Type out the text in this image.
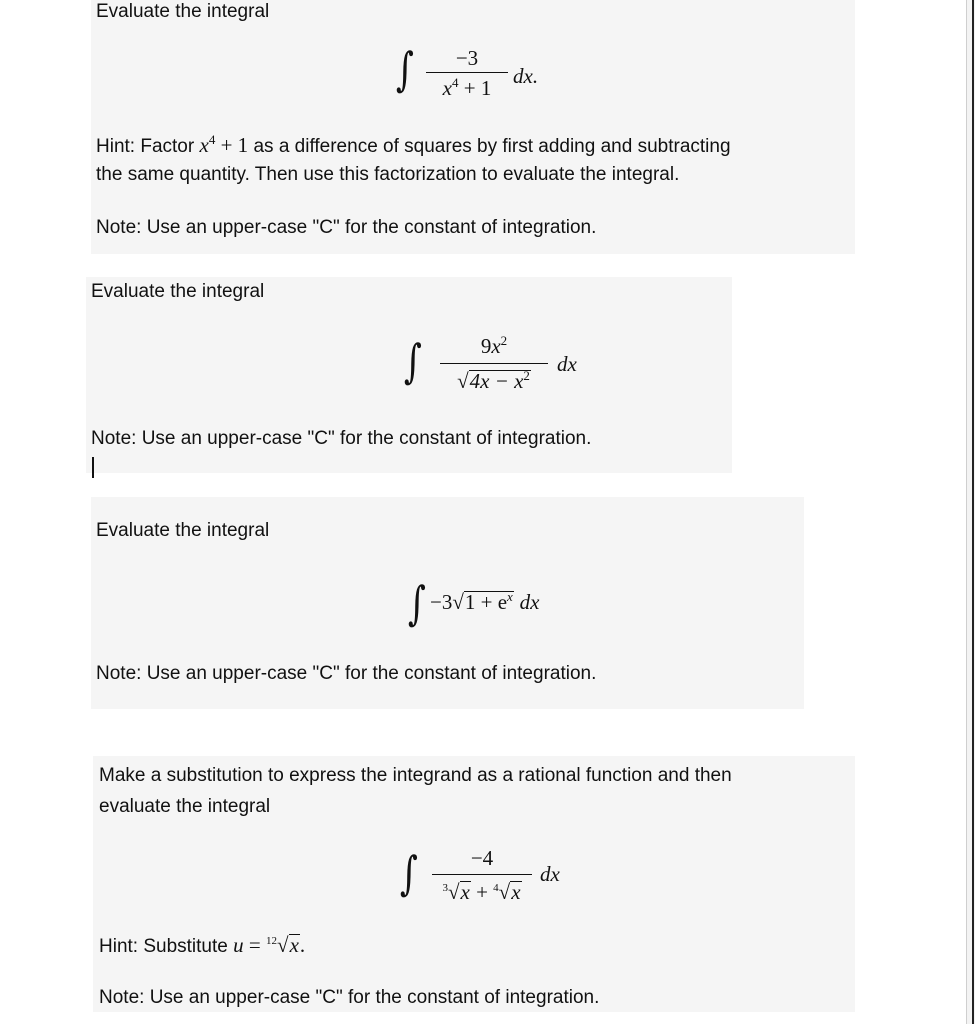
Evaluate the integral
∫	−3
$x^4 + 1$	dx.
Hint: Factor $x^4 + 1$ as a difference of squares by first adding and subtracting
the same quantity. Then use this factorization to evaluate the integral.
Note: Use an upper-case "C" for the constant of integration.
Evaluate the integral
∫	$9x^2$
$√4x - x^2$	dx
Note: Use an upper-case "C" for the constant of integration.
Evaluate the integral
∫ $-3√1 + e^x$ dx
Note: Use an upper-case "C" for the constant of integration.
Make a substitution to express the integrand as a rational function and then
evaluate the integral
∫	−4
$^3$√x + $^4$√x
dx
Hint: Substitute u = $^{12}$√x.
Note: Use an upper-case "C" for the constant of integration.
